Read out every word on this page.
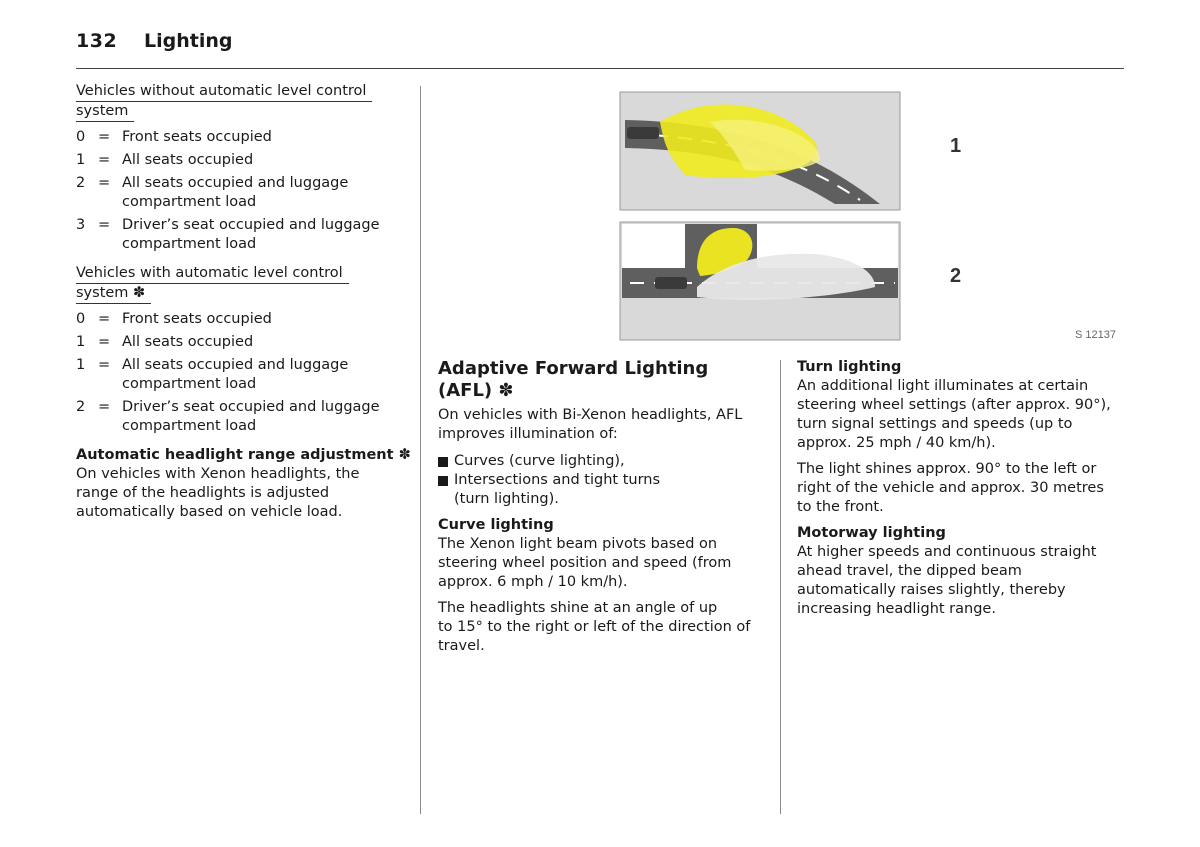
132 Lighting
Vehicles without automatic level control
system
0 = Front seats occupied
1 = All seats occupied
2 = All seats occupied and luggage
compartment load
3 = Driver’s seat occupied and luggage
compartment load
Vehicles with automatic level control
system ✽
0 = Front seats occupied
1 = All seats occupied
1 = All seats occupied and luggage
compartment load
2 = Driver’s seat occupied and luggage
compartment load
Automatic headlight range adjustment ✽
On vehicles with Xenon headlights, the
range of the headlights is adjusted
automatically based on vehicle load.
1
2
S 12137
Adaptive Forward Lighting
(AFL) ✽
On vehicles with Bi-Xenon headlights, AFL
improves illumination of:
Curves (curve lighting),
Intersections and tight turns
(turn lighting).
Curve lighting
The Xenon light beam pivots based on
steering wheel position and speed (from
approx. 6 mph / 10 km/h).
The headlights shine at an angle of up
to 15° to the right or left of the direction of
travel.
Turn lighting
An additional light illuminates at certain
steering wheel settings (after approx. 90°),
turn signal settings and speeds (up to
approx. 25 mph / 40 km/h).
The light shines approx. 90° to the left or
right of the vehicle and approx. 30 metres
to the front.
Motorway lighting
At higher speeds and continuous straight
ahead travel, the dipped beam
automatically raises slightly, thereby
increasing headlight range.
